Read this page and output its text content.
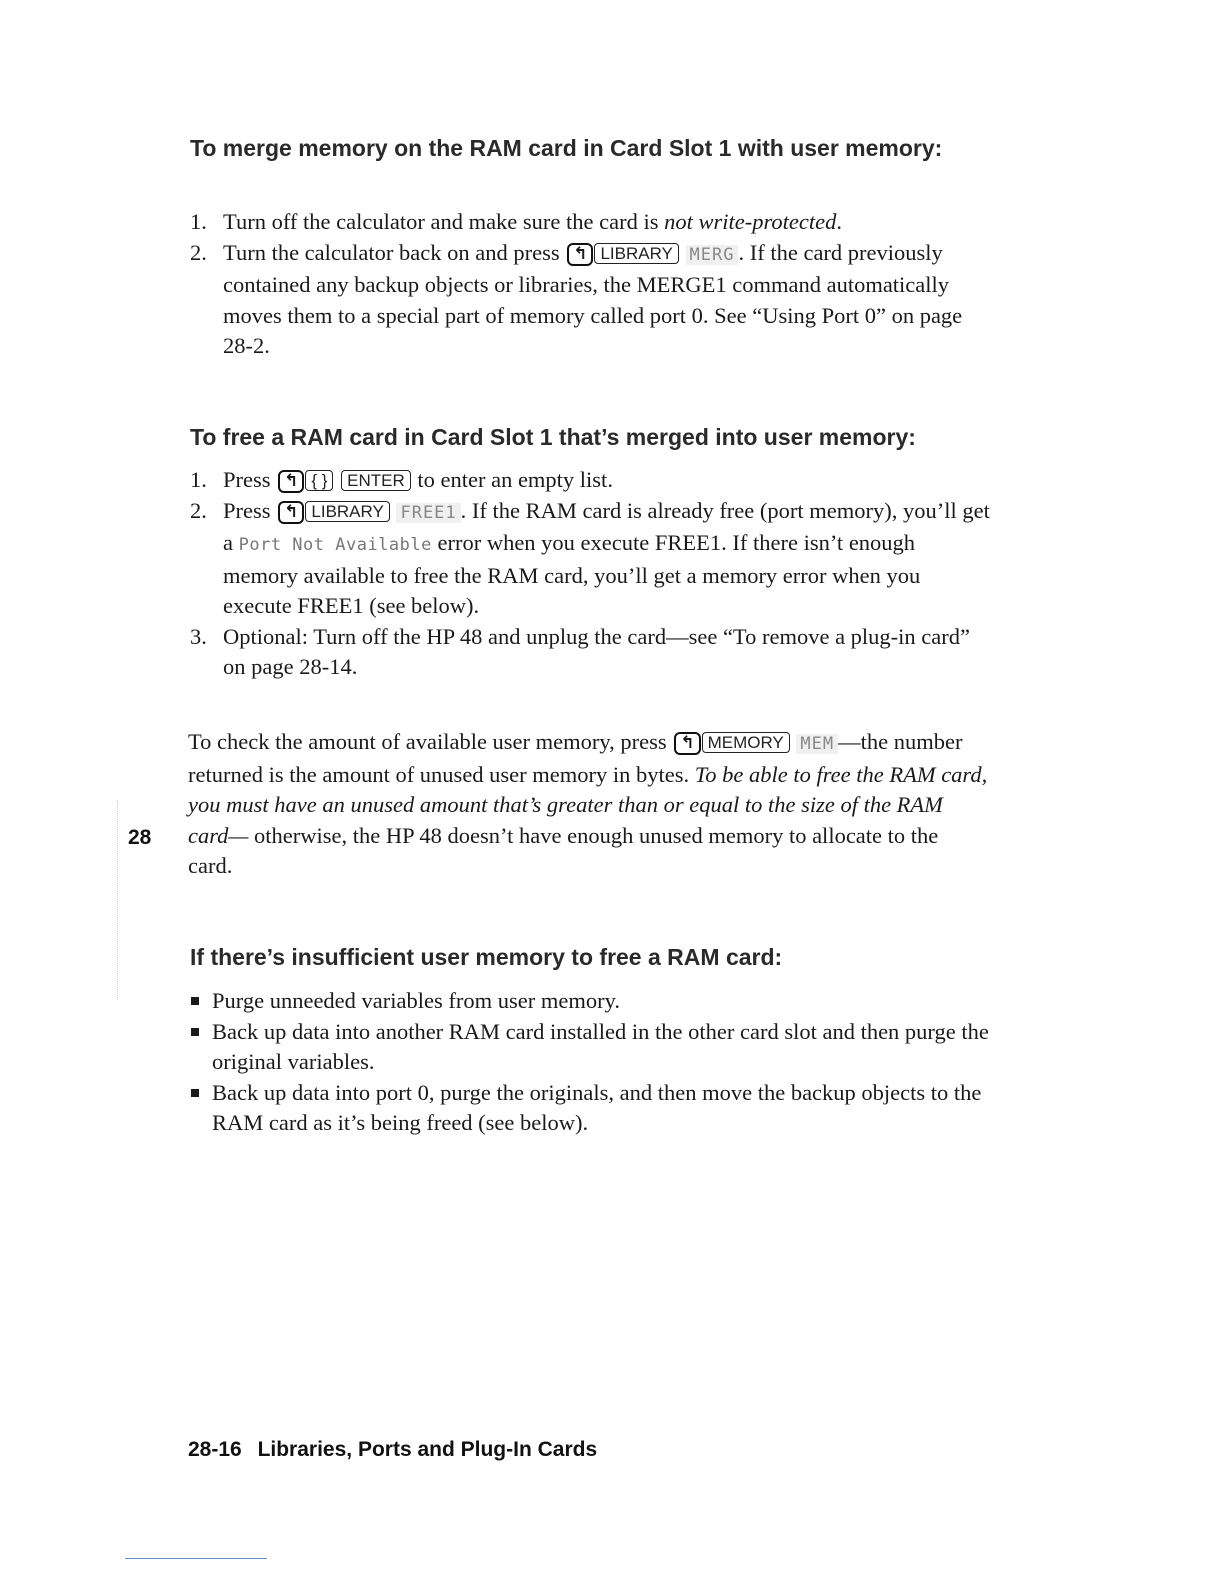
To merge memory on the RAM card in Card Slot 1 with user memory:
1. Turn off the calculator and make sure the card is not write-protected.
2. Turn the calculator back on and press ↰ LIBRARY MERG . If the card previously contained any backup objects or libraries, the MERGE1 command automatically moves them to a special part of memory called port 0. See “Using Port 0” on page 28-2.
To free a RAM card in Card Slot 1 that’s merged into user memory:
1. Press ↰ { } ENTER to enter an empty list.
2. Press ↰ LIBRARY FREE1 . If the RAM card is already free (port memory), you’ll get a Port Not Available error when you execute FREE1. If there isn’t enough memory available to free the RAM card, you’ll get a memory error when you execute FREE1 (see below).
3. Optional: Turn off the HP 48 and unplug the card—see “To remove a plug-in card” on page 28-14.

To check the amount of available user memory, press ↰ MEMORY MEM —the number returned is the amount of unused user memory in bytes. To be able to free the RAM card, you must have an unused amount that’s greater than or equal to the size of the RAM card— otherwise, the HP 48 doesn’t have enough unused memory to allocate to the card.

28
If there’s insufficient user memory to free a RAM card:
Purge unneeded variables from user memory.
Back up data into another RAM card installed in the other card slot and then purge the original variables.
Back up data into port 0, purge the originals, and then move the backup objects to the RAM card as it’s being freed (see below).
28-16 Libraries, Ports and Plug-In Cards
